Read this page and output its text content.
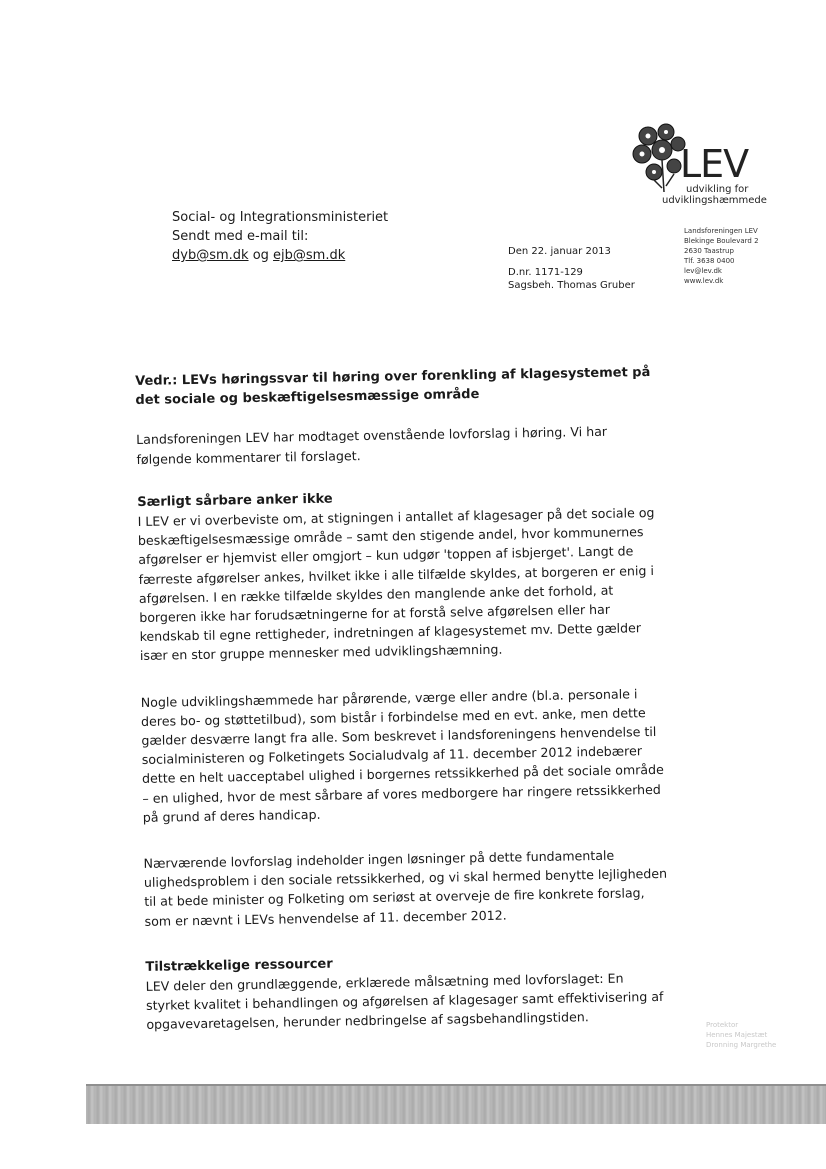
LEV
udvikling for
udviklingshæmmede
Social- og Integrationsministeriet
Sendt med e-mail til:
dyb@sm.dk og ejb@sm.dk	Den 22. januar 2013
D.nr. 1171-129
Sagsbeh. Thomas Gruber
Landsforeningen LEV
Blekinge Boulevard 2
2630 Taastrup
Tlf. 3638 0400
lev@lev.dk
www.lev.dk

Vedr.: LEVs høringssvar til høring over forenkling af klagesystemet på det sociale og beskæftigelsesmæssige område

Landsforeningen LEV har modtaget ovenstående lovforslag i høring. Vi har følgende kommentarer til forslaget.

Særligt sårbare anker ikke

I LEV er vi overbeviste om, at stigningen i antallet af klagesager på det sociale og beskæftigelsesmæssige område – samt den stigende andel, hvor kommunernes afgørelser er hjemvist eller omgjort – kun udgør 'toppen af isbjerget'. Langt de færreste afgørelser ankes, hvilket ikke i alle tilfælde skyldes, at borgeren er enig i afgørelsen. I en række tilfælde skyldes den manglende anke det forhold, at borgeren ikke har forudsætningerne for at forstå selve afgørelsen eller har kendskab til egne rettigheder, indretningen af klagesystemet mv. Dette gælder især en stor gruppe mennesker med udviklingshæmning.

Nogle udviklingshæmmede har pårørende, værge eller andre (bl.a. personale i deres bo- og støttetilbud), som bistår i forbindelse med en evt. anke, men dette gælder desværre langt fra alle. Som beskrevet i landsforeningens henvendelse til socialministeren og Folketingets Socialudvalg af 11. december 2012 indebærer dette en helt uacceptabel ulighed i borgernes retssikkerhed på det sociale område – en ulighed, hvor de mest sårbare af vores medborgere har ringere retssikkerhed på grund af deres handicap.

Nærværende lovforslag indeholder ingen løsninger på dette fundamentale ulighedsproblem i den sociale retssikkerhed, og vi skal hermed benytte lejligheden til at bede minister og Folketing om seriøst at overveje de fire konkrete forslag, som er nævnt i LEVs henvendelse af 11. december 2012.

Tilstrækkelige ressourcer

LEV deler den grundlæggende, erklærede målsætning med lovforslaget: En styrket kvalitet i behandlingen og afgørelsen af klagesager samt effektivisering af opgavevaretagelsen, herunder nedbringelse af sagsbehandlingstiden.	Protektor
Hennes Majestæt
Dronning Margrethe
